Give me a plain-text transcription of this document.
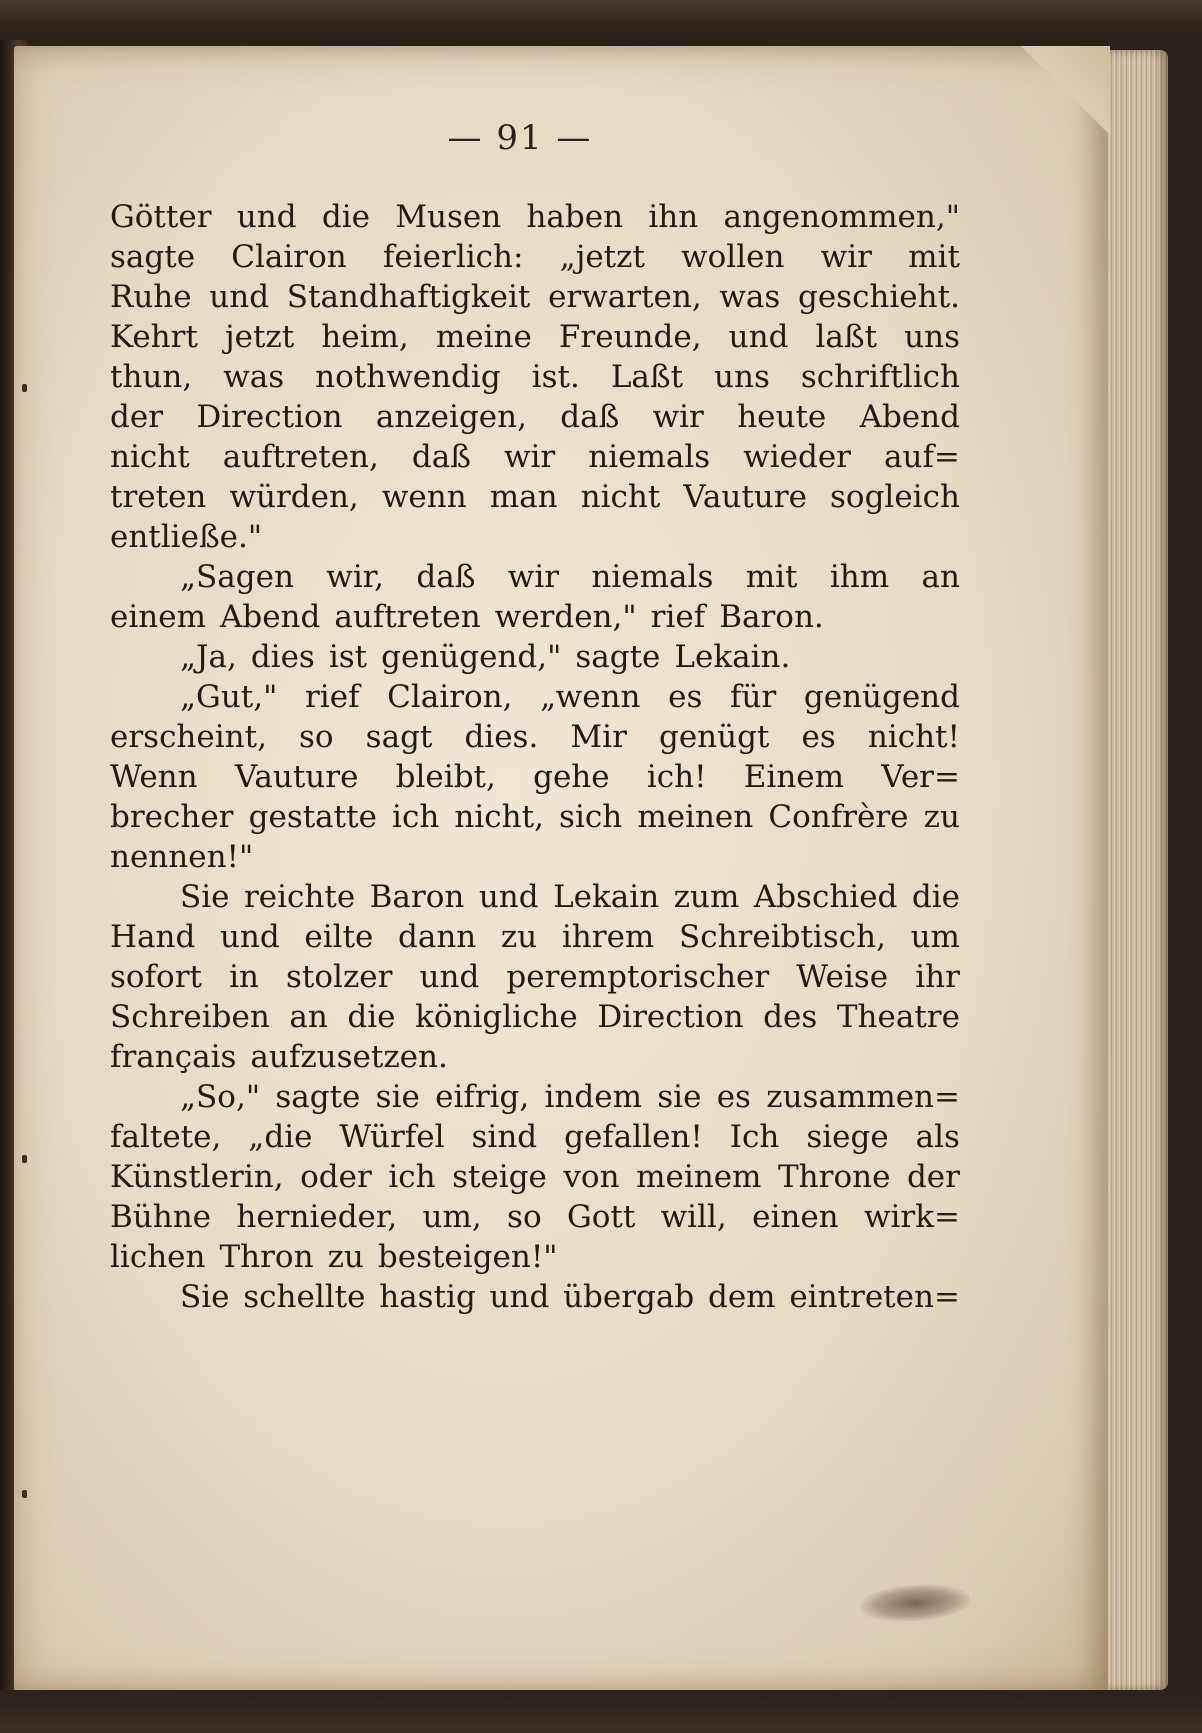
— 91 —
Götter und die Musen haben ihn angenommen,"
sagte Clairon feierlich: „jetzt wollen wir mit
Ruhe und Standhaftigkeit erwarten, was geschieht.
Kehrt jetzt heim, meine Freunde, und laßt uns
thun, was nothwendig ist. Laßt uns schriftlich
der Direction anzeigen, daß wir heute Abend
nicht auftreten, daß wir niemals wieder auf=
treten würden, wenn man nicht Vauture sogleich
entließe."
„Sagen wir, daß wir niemals mit ihm an
einem Abend auftreten werden," rief Baron.
„Ja, dies ist genügend," sagte Lekain.
„Gut," rief Clairon, „wenn es für genügend
erscheint, so sagt dies. Mir genügt es nicht!
Wenn Vauture bleibt, gehe ich! Einem Ver=
brecher gestatte ich nicht, sich meinen Confrère zu
nennen!"
Sie reichte Baron und Lekain zum Abschied die
Hand und eilte dann zu ihrem Schreibtisch, um
sofort in stolzer und peremptorischer Weise ihr
Schreiben an die königliche Direction des Theatre
français aufzusetzen.
„So," sagte sie eifrig, indem sie es zusammen=
faltete, „die Würfel sind gefallen! Ich siege als
Künstlerin, oder ich steige von meinem Throne der
Bühne hernieder, um, so Gott will, einen wirk=
lichen Thron zu besteigen!"
Sie schellte hastig und übergab dem eintreten=
